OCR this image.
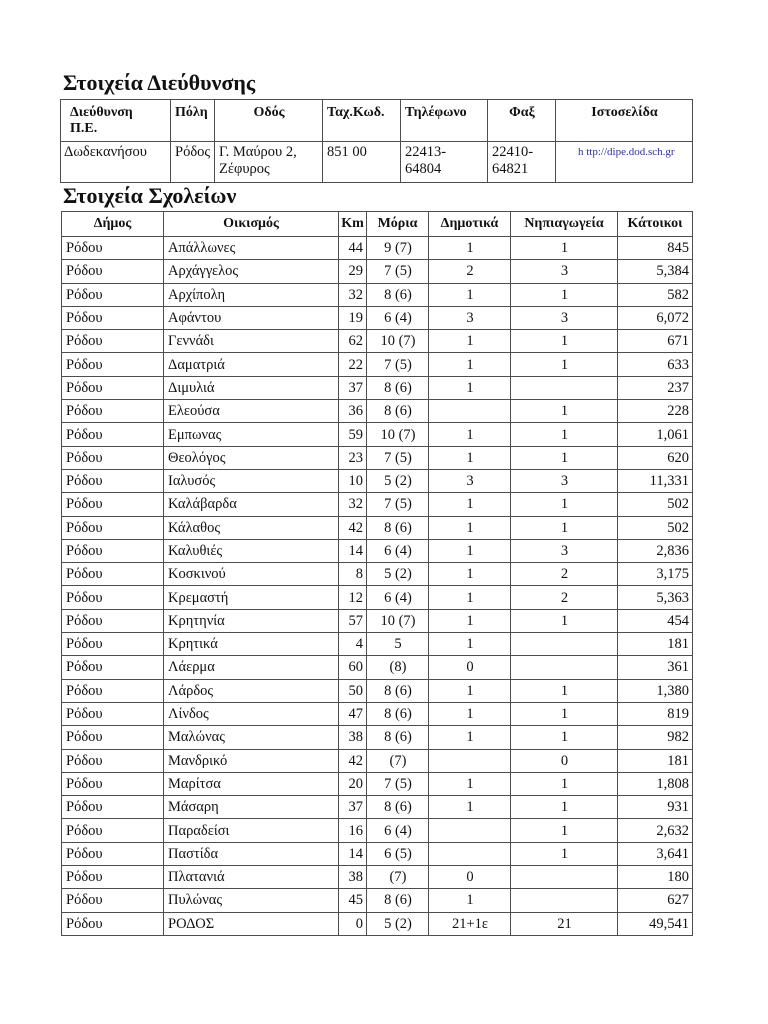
Στοιχεία Διεύθυνσης
Διεύθυνση Π.Ε.	Πόλη	Οδός	Ταχ.Κωδ.	Τηλέφωνο	Φαξ	Ιστοσελίδα
Δωδεκανήσου	Ρόδος	Γ. Μαύρου 2, Ζέφυρος	851 00	22413-64804	22410-64821	h ttp://dipe.dod.sch.gr
Στοιχεία Σχολείων
Δήμος	Οικισμός	Km	Μόρια	Δημοτικά	Νηπιαγωγεία	Κάτοικοι
Ρόδου	Απάλλωνες	44	9 (7)	1	1	845
Ρόδου	Αρχάγγελος	29	7 (5)	2	3	5,384
Ρόδου	Αρχίπολη	32	8 (6)	1	1	582
Ρόδου	Αφάντου	19	6 (4)	3	3	6,072
Ρόδου	Γεννάδι	62	10 (7)	1	1	671
Ρόδου	Δαματριά	22	7 (5)	1	1	633
Ρόδου	Διμυλιά	37	8 (6)	1		237
Ρόδου	Ελεούσα	36	8 (6)		1	228
Ρόδου	Εμπωνας	59	10 (7)	1	1	1,061
Ρόδου	Θεολόγος	23	7 (5)	1	1	620
Ρόδου	Ιαλυσός	10	5 (2)	3	3	11,331
Ρόδου	Καλάβαρδα	32	7 (5)	1	1	502
Ρόδου	Κάλαθος	42	8 (6)	1	1	502
Ρόδου	Καλυθιές	14	6 (4)	1	3	2,836
Ρόδου	Κοσκινού	8	5 (2)	1	2	3,175
Ρόδου	Κρεμαστή	12	6 (4)	1	2	5,363
Ρόδου	Κρητηνία	57	10 (7)	1	1	454
Ρόδου	Κρητικά	4	5	1		181
Ρόδου	Λάερμα	60	(8)	0		361
Ρόδου	Λάρδος	50	8 (6)	1	1	1,380
Ρόδου	Λίνδος	47	8 (6)	1	1	819
Ρόδου	Μαλώνας	38	8 (6)	1	1	982
Ρόδου	Μανδρικό	42	(7)		0	181
Ρόδου	Μαρίτσα	20	7 (5)	1	1	1,808
Ρόδου	Μάσαρη	37	8 (6)	1	1	931
Ρόδου	Παραδείσι	16	6 (4)		1	2,632
Ρόδου	Παστίδα	14	6 (5)		1	3,641
Ρόδου	Πλατανιά	38	(7)	0		180
Ρόδου	Πυλώνας	45	8 (6)	1		627
Ρόδου	ΡΟΔΟΣ	0	5 (2)	21+1ε	21	49,541
